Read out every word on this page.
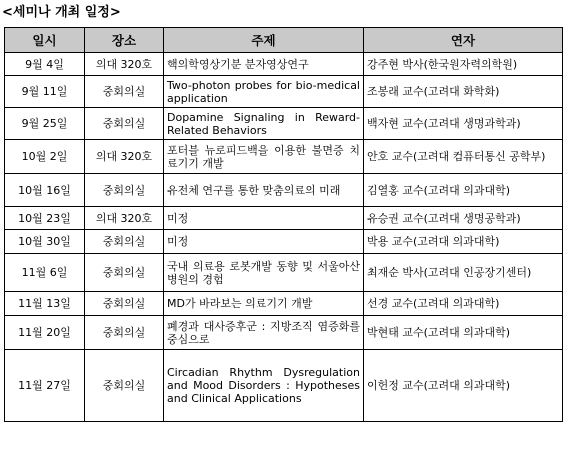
<세미나 개최 일정>
일시	장소	주제	연자
9월 4일	의대 320호	핵의학영상기분 분자영상연구	강주현 박사(한국원자력의학원)
9월 11일	중회의실	Two-photon probes for bio-medical application	조봉래 교수(고려대 화학화)
9월 25일	중회의실	Dopamine Signaling in Reward-Related Behaviors	백자현 교수(고려대 생명과학과)
10월 2일	의대 320호	포터블 뉴로피드백을 이용한 불면증 치료기기 개발	안호 교수(고려대 컴퓨터통신 공학부)
10월 16일	중회의실	유전체 연구를 통한 맞춤의료의 미래	김열홍 교수(고려대 의과대학)
10월 23일	의대 320호	미정	유승권 교수(고려대 생명공학과)
10월 30일	중회의실	미정	박용 교수(고려대 의과대학)
11월 6일	중회의실	국내 의료용 로봇개발 동향 및 서울아산병원의 경험	최재순 박사(고려대 인공장기센터)
11월 13일	중회의실	MD가 바라보는 의료기기 개발	선경 교수(고려대 의과대학)
11월 20일	중회의실	폐경과 대사증후군 : 지방조직 염증화를 중심으로	박현태 교수(고려대 의과대학)
11월 27일	중회의실	Circadian Rhythm Dysregulation and Mood Disorders : Hypotheses and Clinical Applications	이헌정 교수(고려대 의과대학)
